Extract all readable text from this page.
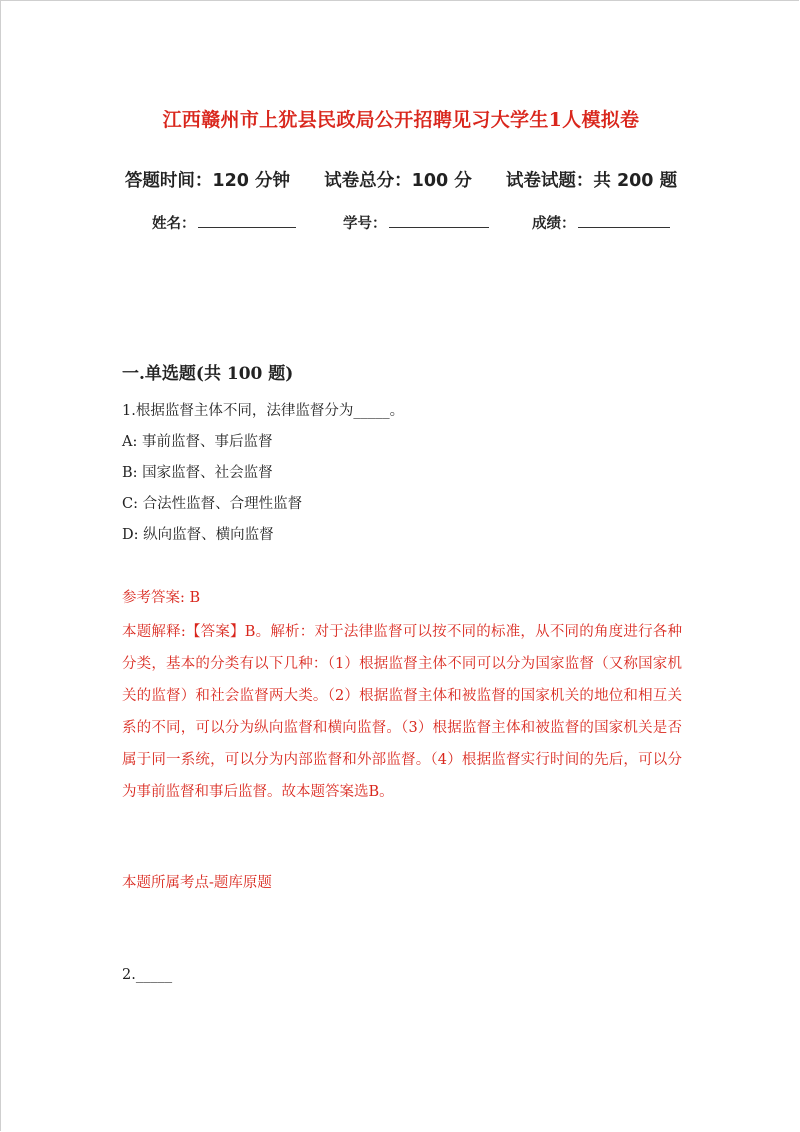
江西赣州市上犹县民政局公开招聘见习大学生1人模拟卷
答题时间：120 分钟 试卷总分：100 分 试卷试题：共 200 题
姓名：	学号：	成绩：
一.单选题(共 100 题)
1.根据监督主体不同，法律监督分为_____。
A: 事前监督、事后监督
B: 国家监督、社会监督
C: 合法性监督、合理性监督
D: 纵向监督、横向监督
参考答案: B
本题解释:【答案】B。解析：对于法律监督可以按不同的标准，从不同的角度进行各种分类，基本的分类有以下几种：（1）根据监督主体不同可以分为国家监督（又称国家机关的监督）和社会监督两大类。（2）根据监督主体和被监督的国家机关的地位和相互关系的不同，可以分为纵向监督和横向监督。（3）根据监督主体和被监督的国家机关是否属于同一系统，可以分为内部监督和外部监督。（4）根据监督实行时间的先后，可以分为事前监督和事后监督。故本题答案选B。
本题所属考点-题库原题
2._____
